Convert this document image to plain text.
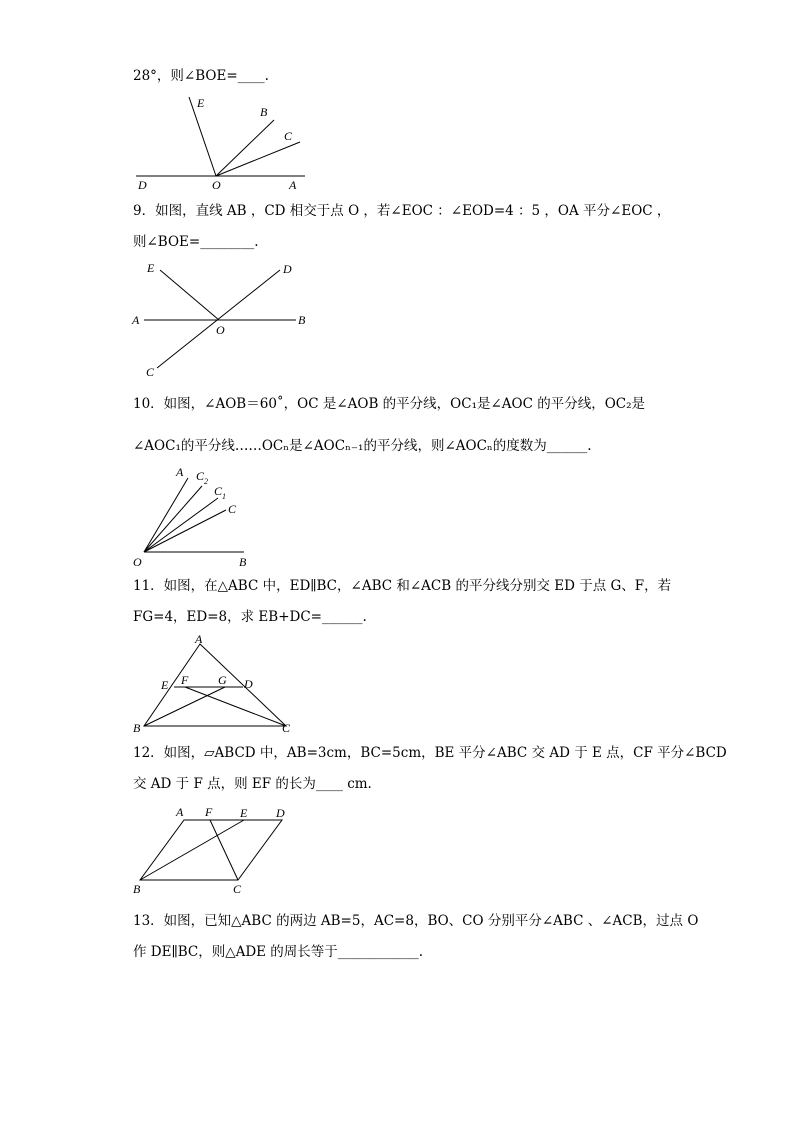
28°，则∠BOE=____.
E
B
C
D	O	A
9．如图，直线 AB ，CD 相交于点 O ，若∠EOC ：∠EOD=4 ：5 ，OA 平分∠EOC ，
则∠BOE=________.
E	D
A
O
B
C
10．如图，∠AOB＝60˚，OC 是∠AOB 的平分线，OC₁是∠AOC 的平分线，OC₂是
∠AOC₁的平分线……OCₙ是∠AOCₙ₋₁的平分线，则∠AOCₙ的度数为______.
A C 2
C 1
C
O	B
11．如图，在△ABC 中，ED∥BC，∠ABC 和∠ACB 的平分线分别交 ED 于点 G、F，若
FG=4，ED=8，求 EB+DC=______.
A
E F G D
B	C
12．如图，▱ABCD 中，AB=3cm，BC=5cm，BE 平分∠ABC 交 AD 于 E 点，CF 平分∠BCD
交 AD 于 F 点，则 EF 的长为____ cm.
A F E D
B	C
13．如图，已知△ABC 的两边 AB=5，AC=8，BO、CO 分别平分∠ABC 、∠ACB，过点 O
作 DE∥BC，则△ADE 的周长等于____________.
